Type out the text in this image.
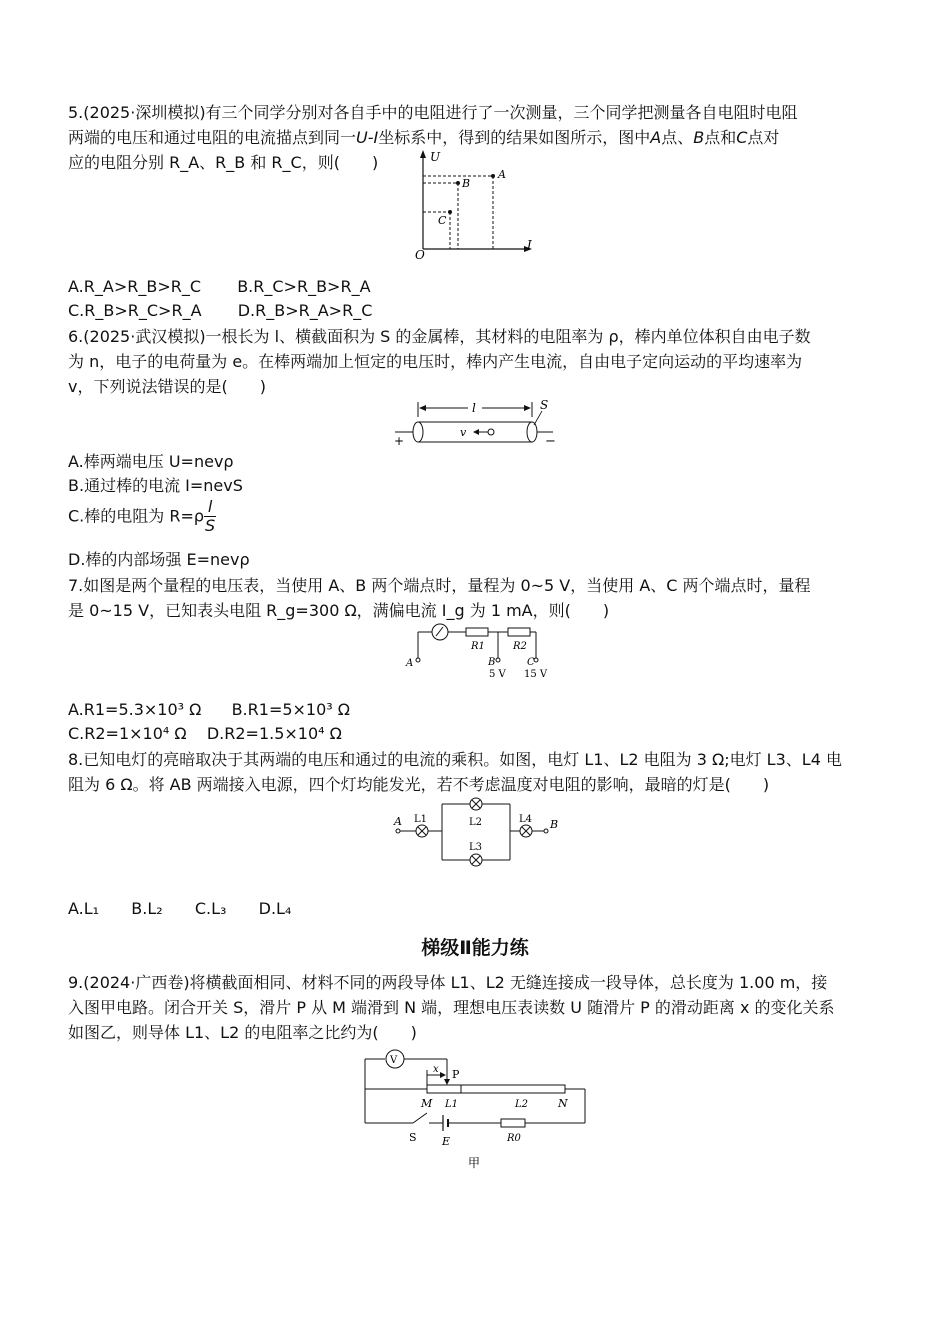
5.(2025·深圳模拟)有三个同学分别对各自手中的电阻进行了一次测量，三个同学把测量各自电阻时电阻
两端的电压和通过电阻的电流描点到同一U-I坐标系中，得到的结果如图所示，图中A点、B点和C点对
应的电阻分别 R_A、R_B 和 R_C，则(　　)	U
I
O
A
B
C
A.R_A>R_B>R_C B.R_C>R_B>R_A
C.R_B>R_C>R_A D.R_B>R_A>R_C
6.(2025·武汉模拟)一根长为 l、横截面积为 S 的金属棒，其材料的电阻率为 ρ，棒内单位体积自由电子数
为 n，电子的电荷量为 e。在棒两端加上恒定的电压时，棒内产生电流，自由电子定向运动的平均速率为
v，下列说法错误的是(　　)
l
+	−
S
v
A.棒两端电压 U=nevρ
B.通过棒的电流 I=nevS
C.棒的电阻为 $R=\rho \frac{l}{S}$
D.棒的内部场强 E=nevρ
7.如图是两个量程的电压表，当使用 A、B 两个端点时，量程为 0~5 V，当使用 A、C 两个端点时，量程
是 0~15 V，已知表头电阻 R_g=300 Ω，满偏电流 I_g 为 1 mA，则(　　)
R1	R2
A	B	C
5 V 15 V
A.R1=5.3×10³ Ω B.R1=5×10³ Ω
C.R2=1×10⁴ Ω D.R2=1.5×10⁴ Ω
8.已知电灯的亮暗取决于其两端的电压和通过的电流的乘积。如图，电灯 L1、L2 电阻为 3 Ω;电灯 L3、L4 电
阻为 6 Ω。将 AB 两端接入电源，四个灯均能发光，若不考虑温度对电阻的影响，最暗的灯是(　　)
A	B
L1	L2
L3
L4
A.L₁ B.L₂ C.L₃ D.L₄
梯级Ⅱ能力练
9.(2024·广西卷)将横截面相同、材料不同的两段导体 L1、L2 无缝连接成一段导体，总长度为 1.00 m，接
入图甲电路。闭合开关 S，滑片 P 从 M 端滑到 N 端，理想电压表读数 U 随滑片 P 的滑动距离 x 的变化关系
如图乙，则导体 L1、L2 的电阻率之比约为(　　)
V
P
x
M	N
L1	L2
S E	R0
甲
